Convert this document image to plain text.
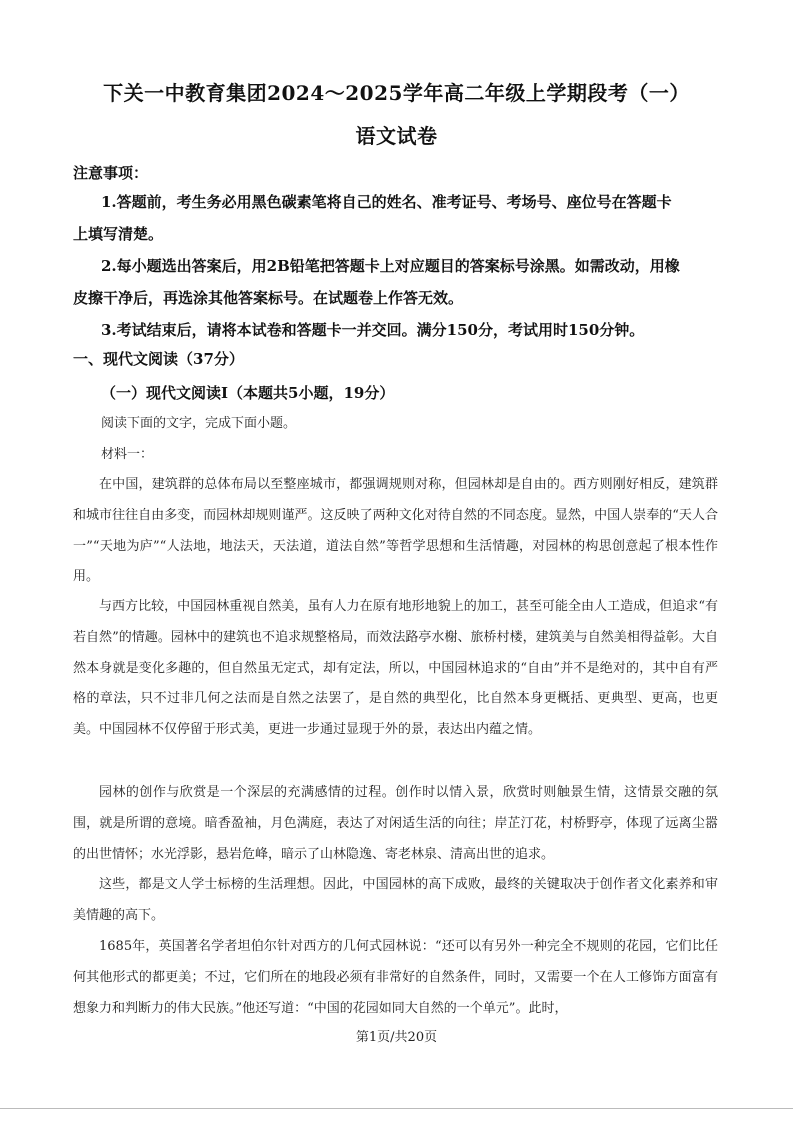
下关一中教育集团2024～2025学年高二年级上学期段考（一）
语文试卷
注意事项：
1.答题前，考生务必用黑色碳素笔将自己的姓名、准考证号、考场号、座位号在答题卡
上填写清楚。
2.每小题选出答案后，用2B铅笔把答题卡上对应题目的答案标号涂黑。如需改动，用橡
皮擦干净后，再选涂其他答案标号。在试题卷上作答无效。
3.考试结束后，请将本试卷和答题卡一并交回。满分150分，考试用时150分钟。
一、现代文阅读（37分）
（一）现代文阅读Ⅰ（本题共5小题，19分）
阅读下面的文字，完成下面小题。
材料一：

在中国，建筑群的总体布局以至整座城市，都强调规则对称，但园林却是自由的。西方则刚好相反，建筑群和城市往往自由多变，而园林却规则谨严。这反映了两种文化对待自然的不同态度。显然，中国人崇奉的“天人合一”“天地为庐”“人法地，地法天，天法道，道法自然”等哲学思想和生活情趣，对园林的构思创意起了根本性作用。

与西方比较，中国园林重视自然美，虽有人力在原有地形地貌上的加工，甚至可能全由人工造成，但追求“有若自然”的情趣。园林中的建筑也不追求规整格局，而效法路亭水榭、旅桥村楼，建筑美与自然美相得益彰。大自然本身就是变化多趣的，但自然虽无定式，却有定法，所以，中国园林追求的“自由”并不是绝对的，其中自有严格的章法，只不过非几何之法而是自然之法罢了，是自然的典型化，比自然本身更概括、更典型、更高，也更美。中国园林不仅停留于形式美，更进一步通过显现于外的景，表达出内蕴之情。

园林的创作与欣赏是一个深层的充满感情的过程。创作时以情入景，欣赏时则触景生情，这情景交融的氛围，就是所谓的意境。暗香盈袖，月色满庭，表达了对闲适生活的向往；岸芷汀花，村桥野亭，体现了远离尘嚣的出世情怀；水光浮影，悬岩危峰，暗示了山林隐逸、寄老林泉、清高出世的追求。

这些，都是文人学士标榜的生活理想。因此，中国园林的高下成败，最终的关键取决于创作者文化素养和审美情趣的高下。

1685年，英国著名学者坦伯尔针对西方的几何式园林说：“还可以有另外一种完全不规则的花园，它们比任何其他形式的都更美；不过，它们所在的地段必须有非常好的自然条件，同时，又需要一个在人工修饰方面富有想象力和判断力的伟大民族。”他还写道：“中国的花园如同大自然的一个单元”。此时，

第1页/共20页
